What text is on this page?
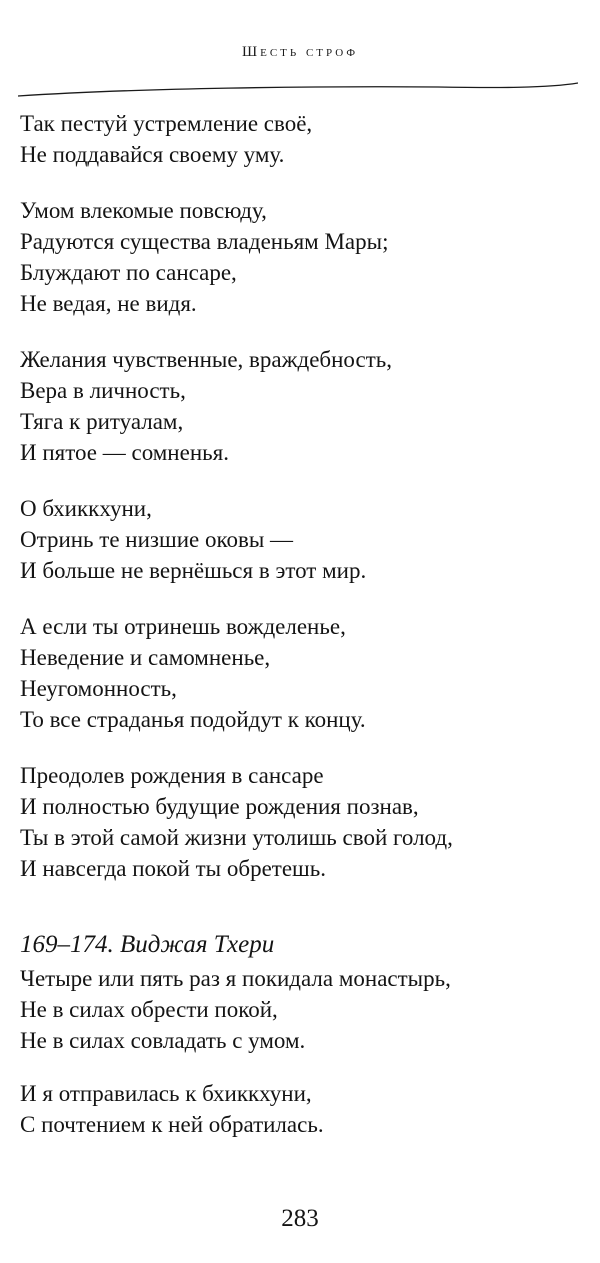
Шесть строф
Так пестуй устремление своё,
Не поддавайся своему уму.
Умом влекомые повсюду,
Радуются существа владеньям Мары;
Блуждают по сансаре,
Не ведая, не видя.
Желания чувственные, враждебность,
Вера в личность,
Тяга к ритуалам,
И пятое — сомненья.
О бхиккхуни,
Отринь те низшие оковы —
И больше не вернёшься в этот мир.
А если ты отринешь вожделенье,
Неведение и самомненье,
Неугомонность,
То все страданья подойдут к концу.
Преодолев рождения в сансаре
И полностью будущие рождения познав,
Ты в этой самой жизни утолишь свой голод,
И навсегда покой ты обретешь.
169–174. Виджая Тхери
Четыре или пять раз я покидала монастырь,
Не в силах обрести покой,
Не в силах совладать с умом.
И я отправилась к бхиккхуни,
С почтением к ней обратилась.
283
